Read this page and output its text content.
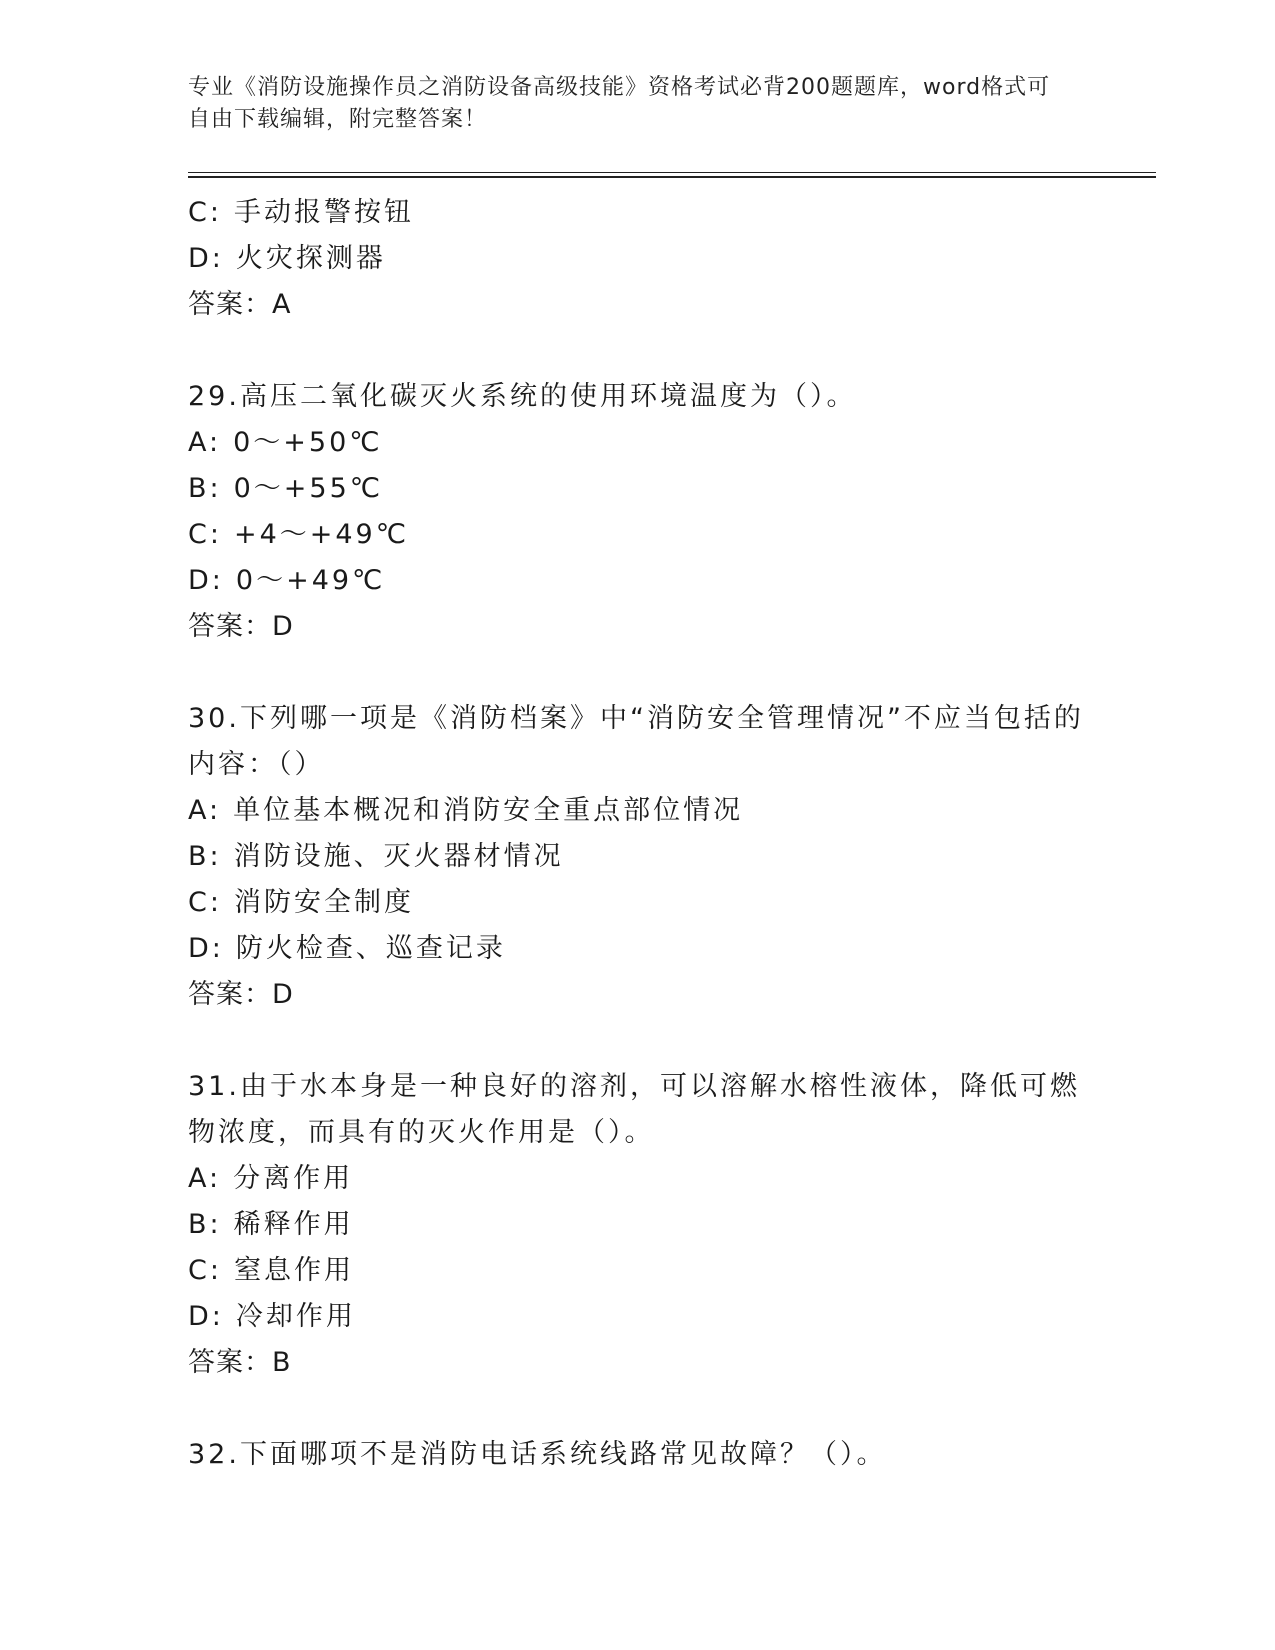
专业《消防设施操作员之消防设备高级技能》资格考试必背200题题库，word格式可自由下载编辑，附完整答案！
C: 手动报警按钮
D: 火灾探测器
答案：A
29.高压二氧化碳灭火系统的使用环境温度为（）。
A: 0～+50℃
B: 0～+55℃
C: +4～+49℃
D: 0～+49℃
答案：D
30.下列哪一项是《消防档案》中“消防安全管理情况”不应当包括的内容：（）
A: 单位基本概况和消防安全重点部位情况
B: 消防设施、灭火器材情况
C: 消防安全制度
D: 防火检查、巡查记录
答案：D
31.由于水本身是一种良好的溶剂，可以溶解水榕性液体，降低可燃物浓度，而具有的灭火作用是（）。
A: 分离作用
B: 稀释作用
C: 窒息作用
D: 冷却作用
答案：B
32.下面哪项不是消防电话系统线路常见故障？（）。
